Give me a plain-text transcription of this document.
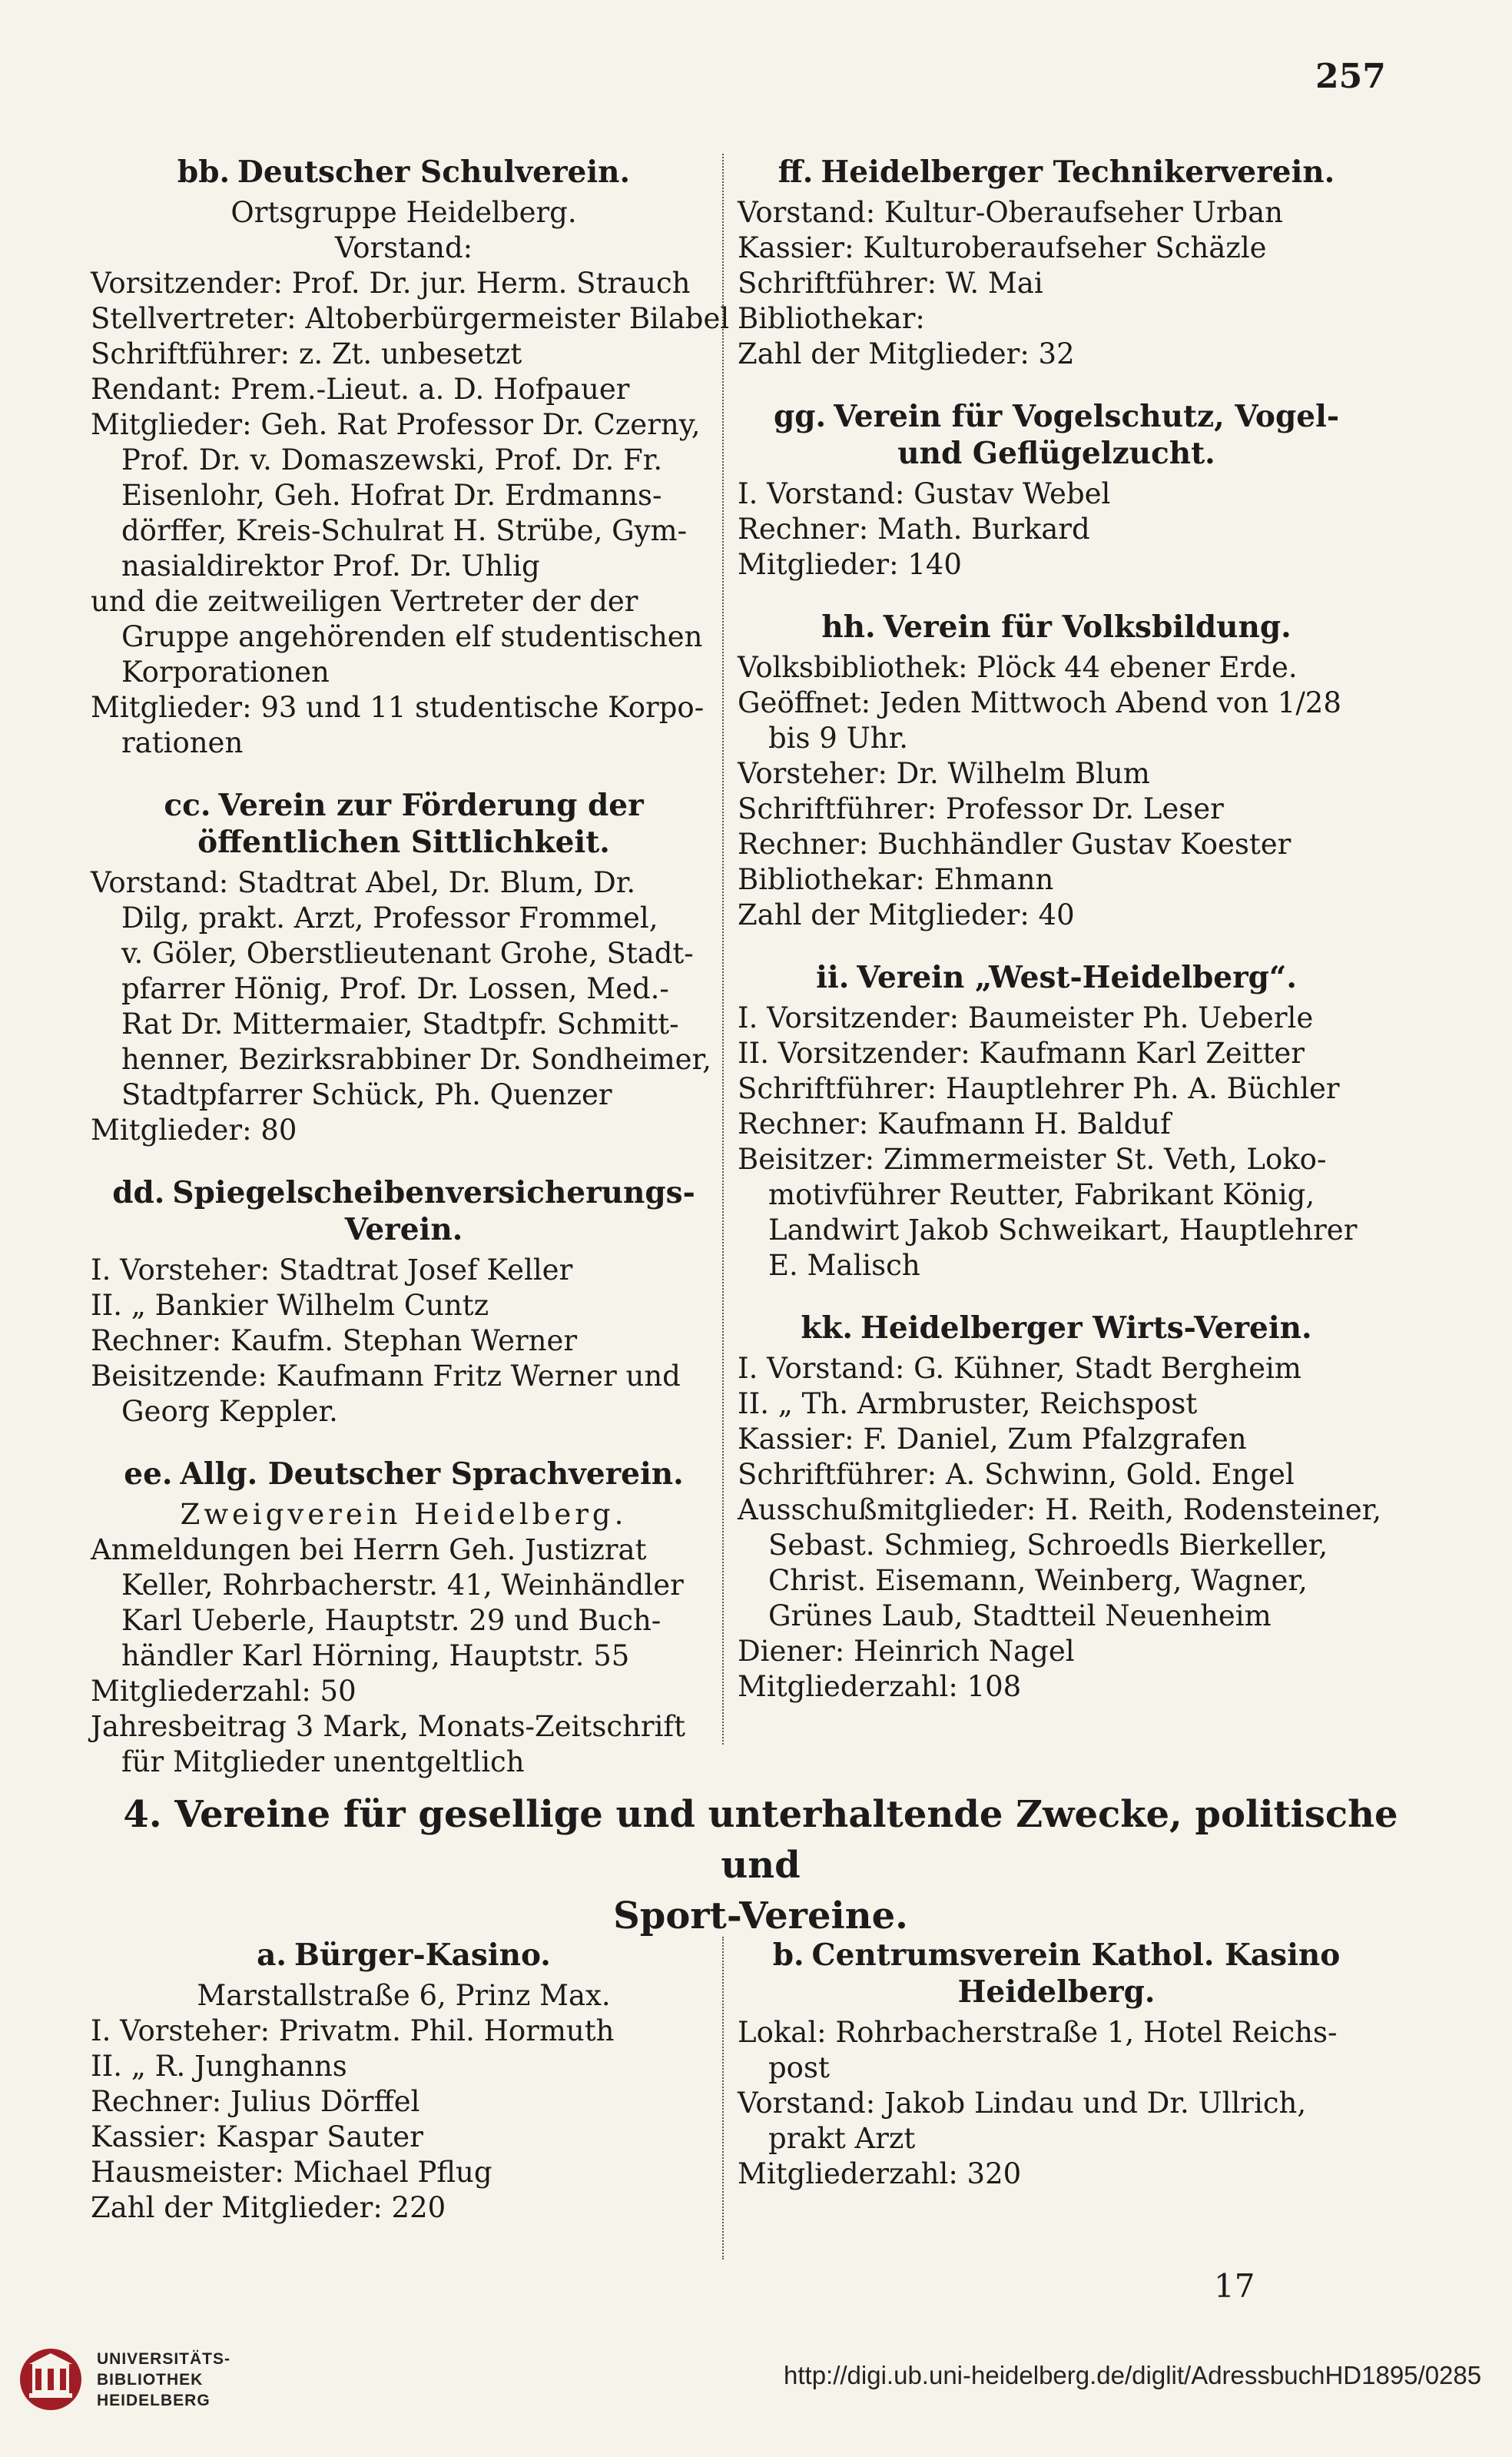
257
bb. Deutscher Schulverein.
Ortsgruppe Heidelberg.
Vorstand:
Vorsitzender: Prof. Dr. jur. Herm. Strauch
Stellvertreter: Altoberbürgermeister Bilabel
Schriftführer: z. Zt. unbesetzt
Rendant: Prem.-Lieut. a. D. Hofpauer
Mitglieder: Geh. Rat Professor Dr. Czerny,
Prof. Dr. v. Domaszewski, Prof. Dr. Fr.
Eisenlohr, Geh. Hofrat Dr. Erdmanns-
dörffer, Kreis-Schulrat H. Strübe, Gym-
nasialdirektor Prof. Dr. Uhlig
und die zeitweiligen Vertreter der der
Gruppe angehörenden elf studentischen
Korporationen
Mitglieder: 93 und 11 studentische Korpo-
rationen
cc. Verein zur Förderung der öffentlichen Sittlichkeit.
Vorstand: Stadtrat Abel, Dr. Blum, Dr.
Dilg, prakt. Arzt, Professor Frommel,
v. Göler, Oberstlieutenant Grohe, Stadt-
pfarrer Hönig, Prof. Dr. Lossen, Med.-
Rat Dr. Mittermaier, Stadtpfr. Schmitt-
henner, Bezirksrabbiner Dr. Sondheimer,
Stadtpfarrer Schück, Ph. Quenzer
Mitglieder: 80
dd. Spiegelscheibenversicherungs-Verein.
I. Vorsteher: Stadtrat Josef Keller
II. „ Bankier Wilhelm Cuntz
Rechner: Kaufm. Stephan Werner
Beisitzende: Kaufmann Fritz Werner und
Georg Keppler.
ee. Allg. Deutscher Sprachverein.
Zweigverein Heidelberg.
Anmeldungen bei Herrn Geh. Justizrat
Keller, Rohrbacherstr. 41, Weinhändler
Karl Ueberle, Hauptstr. 29 und Buch-
händler Karl Hörning, Hauptstr. 55
Mitgliederzahl: 50
Jahresbeitrag 3 Mark, Monats-Zeitschrift
für Mitglieder unentgeltlich
ff. Heidelberger Technikerverein.
Vorstand: Kultur-Oberaufseher Urban
Kassier: Kulturoberaufseher Schäzle
Schriftführer: W. Mai
Bibliothekar:
Zahl der Mitglieder: 32
gg. Verein für Vogelschutz, Vogel- und Geflügelzucht.
I. Vorstand: Gustav Webel
Rechner: Math. Burkard
Mitglieder: 140
hh. Verein für Volksbildung.
Volksbibliothek: Plöck 44 ebener Erde.
Geöffnet: Jeden Mittwoch Abend von 1/28
bis 9 Uhr.
Vorsteher: Dr. Wilhelm Blum
Schriftführer: Professor Dr. Leser
Rechner: Buchhändler Gustav Koester
Bibliothekar: Ehmann
Zahl der Mitglieder: 40
ii. Verein „West-Heidelberg“.
I. Vorsitzender: Baumeister Ph. Ueberle
II. Vorsitzender: Kaufmann Karl Zeitter
Schriftführer: Hauptlehrer Ph. A. Büchler
Rechner: Kaufmann H. Balduf
Beisitzer: Zimmermeister St. Veth, Loko-
motivführer Reutter, Fabrikant König,
Landwirt Jakob Schweikart, Hauptlehrer
E. Malisch
kk. Heidelberger Wirts-Verein.
I. Vorstand: G. Kühner, Stadt Bergheim
II. „ Th. Armbruster, Reichspost
Kassier: F. Daniel, Zum Pfalzgrafen
Schriftführer: A. Schwinn, Gold. Engel
Ausschußmitglieder: H. Reith, Rodensteiner,
Sebast. Schmieg, Schroedls Bierkeller,
Christ. Eisemann, Weinberg, Wagner,
Grünes Laub, Stadtteil Neuenheim
Diener: Heinrich Nagel
Mitgliederzahl: 108
4. Vereine für gesellige und unterhaltende Zwecke, politische und
Sport-Vereine.
a. Bürger-Kasino.
Marstallstraße 6, Prinz Max.
I. Vorsteher: Privatm. Phil. Hormuth
II. „ R. Junghanns
Rechner: Julius Dörffel
Kassier: Kaspar Sauter
Hausmeister: Michael Pflug
Zahl der Mitglieder: 220
b. Centrumsverein Kathol. Kasino Heidelberg.
Lokal: Rohrbacherstraße 1, Hotel Reichs-
post
Vorstand: Jakob Lindau und Dr. Ullrich,
prakt Arzt
Mitgliederzahl: 320
17
UNIVERSITÄTS-
BIBLIOTHEK
HEIDELBERG
http://digi.ub.uni-heidelberg.de/diglit/AdressbuchHD1895/0285
